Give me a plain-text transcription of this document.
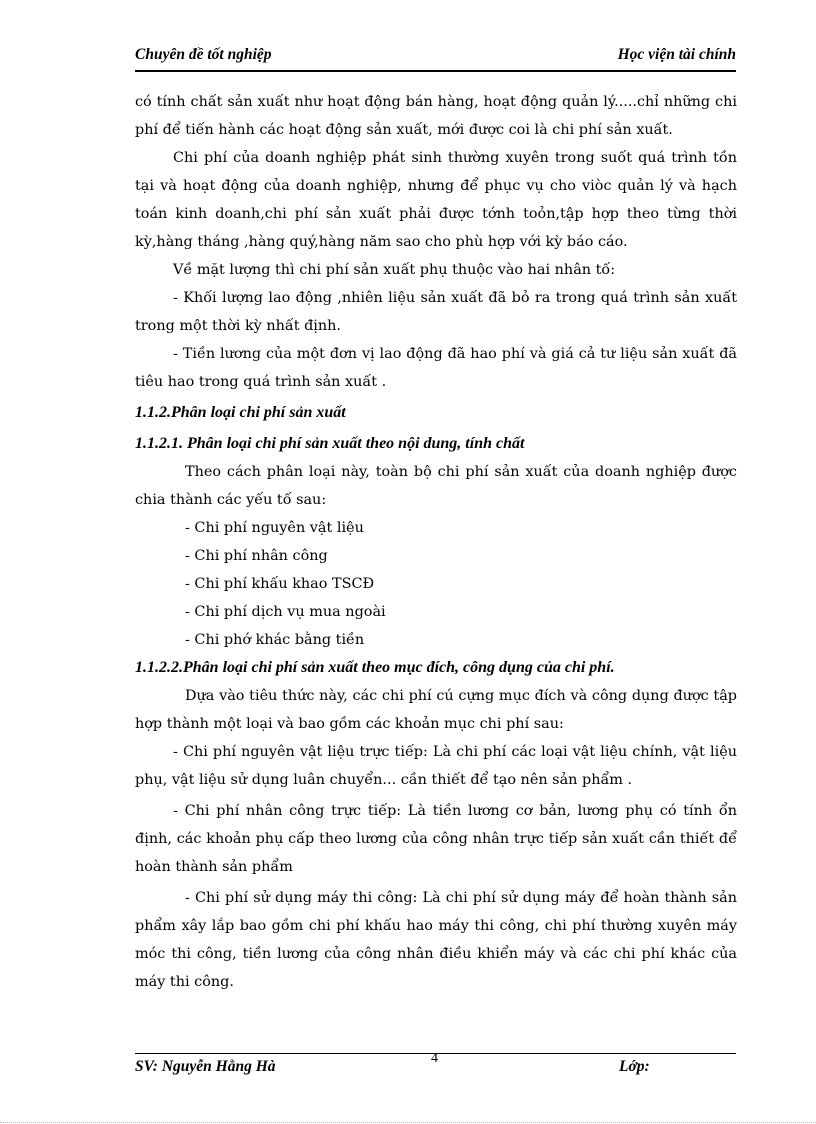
Chuyên đề tốt nghiệp	Học viện tài chính

có tính chất sản xuất như hoạt động bán hàng, hoạt động quản lý.....chỉ những chi phí để tiến hành các hoạt động sản xuất, mới được coi là chi phí sản xuất.

Chi phí của doanh nghiệp phát sinh thường xuyên trong suốt quá trình tồn tại và hoạt động của doanh nghiệp, nhưng để phục vụ cho viòc quản lý và hạch toán kinh doanh,chi phí sản xuất phải được tớnh toỏn,tập hợp theo từng thời kỳ,hàng tháng ,hàng quý,hàng năm sao cho phù hợp với kỳ báo cáo.

Về mặt lượng thì chi phí sản xuất phụ thuộc vào hai nhân tố:

- Khối lượng lao động ,nhiên liệu sản xuất đã bỏ ra trong quá trình sản xuất trong một thời kỳ nhất định.

- Tiền lương của một đơn vị lao động đã hao phí và giá cả tư liệu sản xuất đã tiêu hao trong quá trình sản xuất .

1.1.2.Phân loại chi phí sản xuất

1.1.2.1. Phân loại chi phí sản xuất theo nội dung, tính chất

Theo cách phân loại này, toàn bộ chi phí sản xuất của doanh nghiệp được chia thành các yếu tố sau:

- Chi phí nguyên vật liệu
- Chi phí nhân công
- Chi phí khấu khao TSCĐ
- Chi phí dịch vụ mua ngoài
- Chi phớ khác bằng tiền

1.1.2.2.Phân loại chi phí sản xuất theo mục đích, công dụng của chi phí.

Dựa vào tiêu thức này, các chi phí cú cựng mục đích và công dụng được tập hợp thành một loại và bao gồm các khoản mục chi phí sau:

- Chi phí nguyên vật liệu trực tiếp: Là chi phí các loại vật liệu chính, vật liệu phụ, vật liệu sử dụng luân chuyển... cần thiết để tạo nên sản phẩm .

- Chi phí nhân công trực tiếp: Là tiền lương cơ bản, lương phụ có tính ổn định, các khoản phụ cấp theo lương của công nhân trực tiếp sản xuất cần thiết để hoàn thành sản phẩm

- Chi phí sử dụng máy thi công: Là chi phí sử dụng máy để hoàn thành sản phẩm xây lắp bao gồm chi phí khấu hao máy thi công, chi phí thường xuyên máy móc thi công, tiền lương của công nhân điều khiển máy và các chi phí khác của máy thi công.

SV: Nguyễn Hằng Hà	4	Lớp:
